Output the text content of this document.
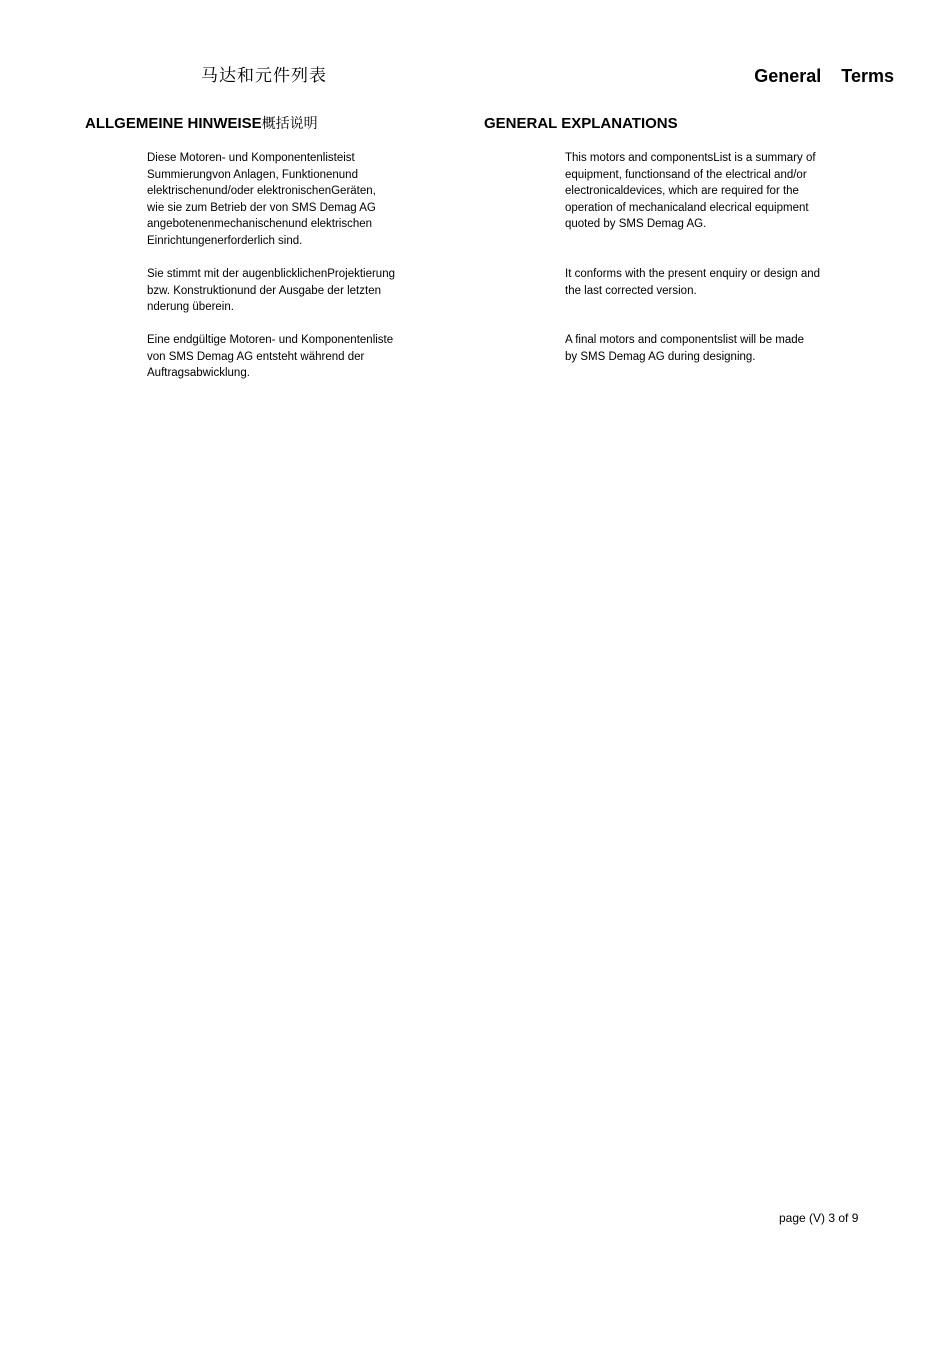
马达和元件列表	General    Terms
ALLGEMEINE HINWEISE概括说明	GENERAL EXPLANATIONS

Diese Motoren- und Komponentenlisteist
Summierungvon Anlagen, Funktionenund
elektrischenund/oder elektronischenGeräten,
wie sie zum Betrieb der von SMS Demag AG
angebotenenmechanischenund elektrischen
Einrichtungenerforderlich sind.

Sie stimmt mit der augenblicklichenProjektierung
bzw. Konstruktionund der Ausgabe der letzten
nderung überein.

Eine endgültige Motoren- und Komponentenliste
von SMS Demag AG entsteht während der
Auftragsabwicklung.

This motors and componentsList is a summary of
equipment, functionsand of the electrical and/or
electronicaldevices, which are required for the
operation of mechanicaland elecrical equipment
quoted by SMS Demag AG.

It conforms with the present enquiry or design and
the last corrected version.

A final motors and componentslist will be made
by SMS Demag AG during designing.

page (V) 3 of 9
